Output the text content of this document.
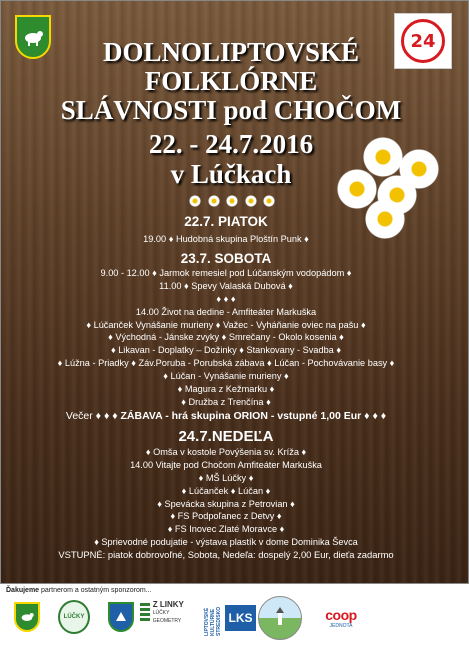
24
DOLNOLIPTOVSKÉ
FOLKLÓRNE
SLÁVNOSTI pod CHOČOM
22. - 24.7.2016
v Lúčkach
22.7. PIATOK
19.00 ♦ Hudobná skupina Ploštín Punk ♦
23.7. SOBOTA
9.00 - 12.00 ♦ Jarmok remesiel pod Lúčanským vodopádom ♦
11.00 ♦ Spevy Valaská Dubová ♦
♦ ♦ ♦
14.00 Život na dedine - Amfiteáter Markuška
♦ Lúčanček Vynášanie murieny ♦ Važec - Vyháňanie oviec na pašu ♦
♦ Východná - Jánske zvyky ♦ Smrečany - Okolo kosenia ♦
♦ Likavan - Doplatky – Dožinky ♦ Stankovany - Svadba ♦
♦ Lúžna - Priadky ♦ Záv.Poruba - Porubská zábava ♦ Lúčan - Pochovávanie basy ♦
♦ Lúčan - Vynášanie murieny ♦
♦ Magura z Kežmarku ♦
♦ Družba z Trenčína ♦
Večer ♦ ♦ ♦ ZÁBAVA - hrá skupina ORION - vstupné 1,00 Eur ♦ ♦ ♦
24.7.NEDEĽA
♦ Omša v kostole Povýšenia sv. Kríža ♦
14.00 Vitajte pod Chočom Amfiteáter Markuška
♦ MŠ Lúčky ♦
♦ Lúčanček ♦ Lúčan ♦
♦ Spevácka skupina z Petrovian ♦
♦ FS Podpoľanec z Detvy ♦
♦ FS Inovec Zlaté Moravce ♦
♦ Sprievodné podujatie - výstava plastík v dome Dominika Ševca
VSTUPNÉ: piatok dobrovoľné, Sobota, Nedeľa: dospelý 2,00 Eur, dieťa zadarmo
Ďakujeme partnerom a ostatným sponzorom...
LÚČKY
Z LINKY
LÚČKY GEOMETRY	LIPTOVSKÉ KULTÚRNE STREDISKO LKS	coop
JEDNOTA
